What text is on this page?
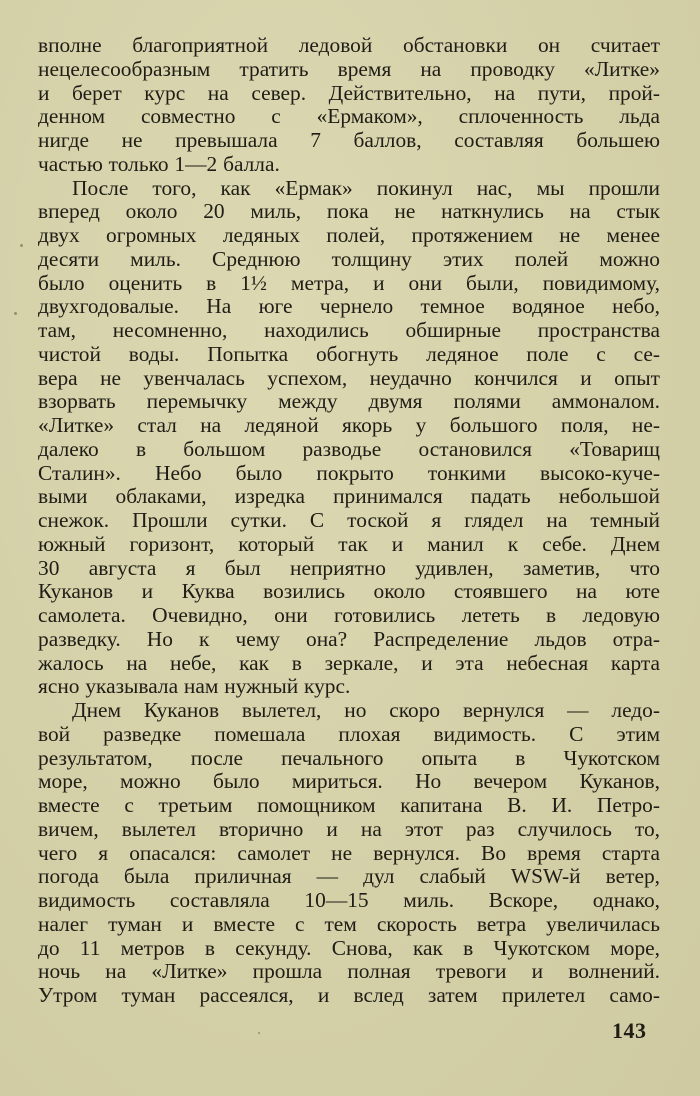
вполне благоприятной ледовой обстановки он считает
нецелесообразным тратить время на проводку «Литке»
и берет курс на север. Действительно, на пути, прой-
денном совместно с «Ермаком», сплоченность льда
нигде не превышала 7 баллов, составляя большею
частью только 1—2 балла.

После того, как «Ермак» покинул нас, мы прошли
вперед около 20 миль, пока не наткнулись на стык
двух огромных ледяных полей, протяжением не менее
десяти миль. Среднюю толщину этих полей можно
было оценить в 1½ метра, и они были, повидимому,
двухгодовалые. На юге чернело темное водяное небо,
там, несомненно, находились обширные пространства
чистой воды. Попытка обогнуть ледяное поле с се-
вера не увенчалась успехом, неудачно кончился и опыт
взорвать перемычку между двумя полями аммоналом.
«Литке» стал на ледяной якорь у большого поля, не-
далеко в большом разводье остановился «Товарищ
Сталин». Небо было покрыто тонкими высоко-куче-
выми облаками, изредка принимался падать небольшой
снежок. Прошли сутки. С тоской я глядел на темный
южный горизонт, который так и манил к себе. Днем
30 августа я был неприятно удивлен, заметив, что
Куканов и Куква возились около стоявшего на юте
самолета. Очевидно, они готовились лететь в ледовую
разведку. Но к чему она? Распределение льдов отра-
жалось на небе, как в зеркале, и эта небесная карта
ясно указывала нам нужный курс.

Днем Куканов вылетел, но скоро вернулся — ледо-
вой разведке помешала плохая видимость. С этим
результатом, после печального опыта в Чукотском
море, можно было мириться. Но вечером Куканов,
вместе с третьим помощником капитана В. И. Петро-
вичем, вылетел вторично и на этот раз случилось то,
чего я опасался: самолет не вернулся. Во время старта
погода была приличная — дул слабый WSW-й ветер,
видимость составляла 10—15 миль. Вскоре, однако,
налег туман и вместе с тем скорость ветра увеличилась
до 11 метров в секунду. Снова, как в Чукотском море,
ночь на «Литке» прошла полная тревоги и волнений.
Утром туман рассеялся, и вслед затем прилетел само-

143
